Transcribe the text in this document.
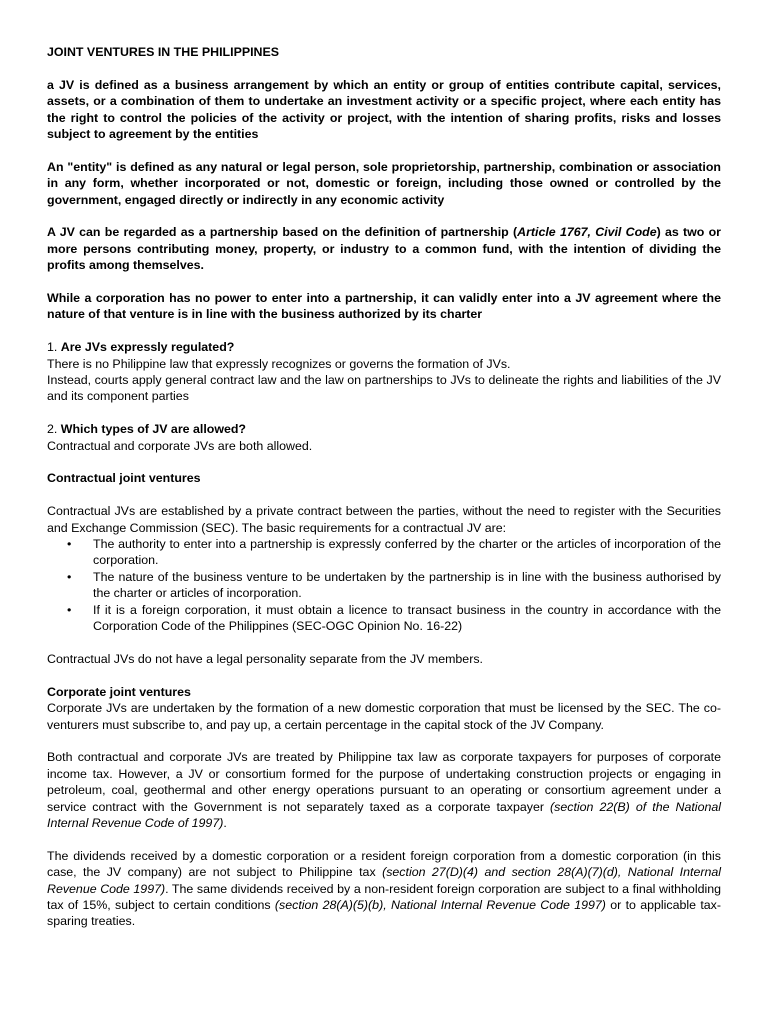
JOINT VENTURES IN THE PHILIPPINES

a JV is defined as a business arrangement by which an entity or group of entities contribute capital, services, assets, or a combination of them to undertake an investment activity or a specific project, where each entity has the right to control the policies of the activity or project, with the intention of sharing profits, risks and losses subject to agreement by the entities

An "entity" is defined as any natural or legal person, sole proprietorship, partnership, combination or association in any form, whether incorporated or not, domestic or foreign, including those owned or controlled by the government, engaged directly or indirectly in any economic activity

A JV can be regarded as a partnership based on the definition of partnership (Article 1767, Civil Code) as two or more persons contributing money, property, or industry to a common fund, with the intention of dividing the profits among themselves.

While a corporation has no power to enter into a partnership, it can validly enter into a JV agreement where the nature of that venture is in line with the business authorized by its charter

1. Are JVs expressly regulated?

There is no Philippine law that expressly recognizes or governs the formation of JVs.

Instead, courts apply general contract law and the law on partnerships to JVs to delineate the rights and liabilities of the JV and its component parties

2. Which types of JV are allowed?

Contractual and corporate JVs are both allowed.

Contractual joint ventures

Contractual JVs are established by a private contract between the parties, without the need to register with the Securities and Exchange Commission (SEC). The basic requirements for a contractual JV are:

• The authority to enter into a partnership is expressly conferred by the charter or the articles of incorporation of the corporation.
• The nature of the business venture to be undertaken by the partnership is in line with the business authorised by the charter or articles of incorporation.
• If it is a foreign corporation, it must obtain a licence to transact business in the country in accordance with the Corporation Code of the Philippines (SEC-OGC Opinion No. 16-22)

Contractual JVs do not have a legal personality separate from the JV members.

Corporate joint ventures

Corporate JVs are undertaken by the formation of a new domestic corporation that must be licensed by the SEC. The co-venturers must subscribe to, and pay up, a certain percentage in the capital stock of the JV Company.

Both contractual and corporate JVs are treated by Philippine tax law as corporate taxpayers for purposes of corporate income tax. However, a JV or consortium formed for the purpose of undertaking construction projects or engaging in petroleum, coal, geothermal and other energy operations pursuant to an operating or consortium agreement under a service contract with the Government is not separately taxed as a corporate taxpayer (section 22(B) of the National Internal Revenue Code of 1997).

The dividends received by a domestic corporation or a resident foreign corporation from a domestic corporation (in this case, the JV company) are not subject to Philippine tax (section 27(D)(4) and section 28(A)(7)(d), National Internal Revenue Code 1997). The same dividends received by a non-resident foreign corporation are subject to a final withholding tax of 15%, subject to certain conditions (section 28(A)(5)(b), National Internal Revenue Code 1997) or to applicable tax-sparing treaties.
